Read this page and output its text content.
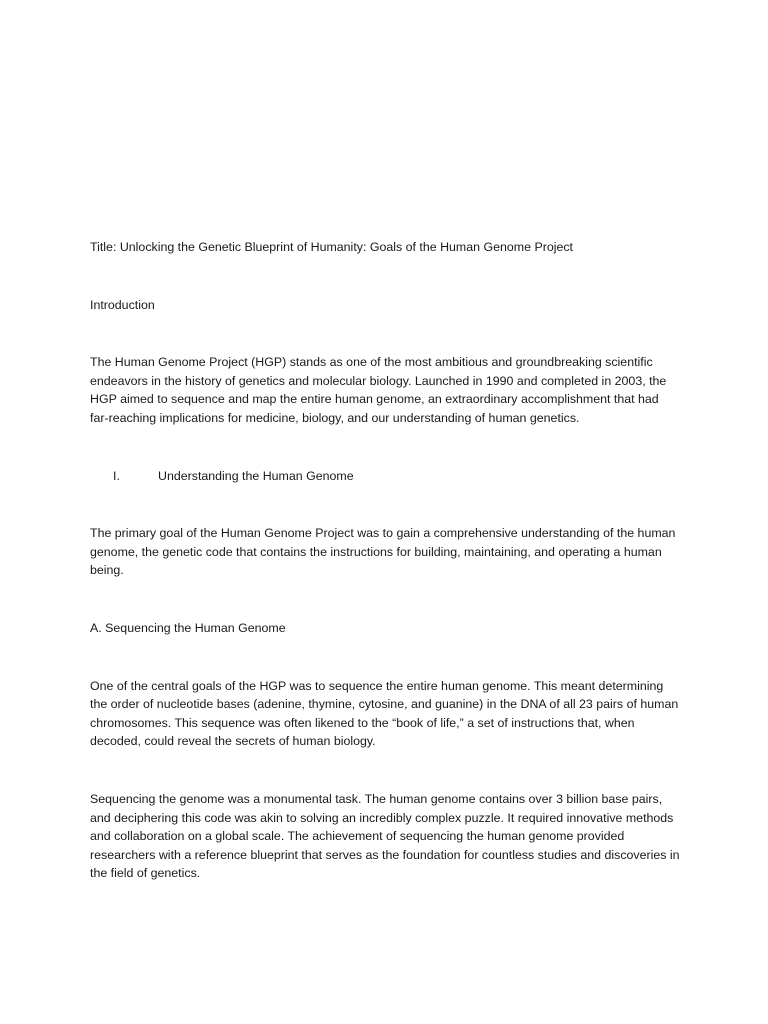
Title: Unlocking the Genetic Blueprint of Humanity: Goals of the Human Genome Project

Introduction

The Human Genome Project (HGP) stands as one of the most ambitious and groundbreaking scientific endeavors in the history of genetics and molecular biology. Launched in 1990 and completed in 2003, the HGP aimed to sequence and map the entire human genome, an extraordinary accomplishment that had far-reaching implications for medicine, biology, and our understanding of human genetics.

I.	Understanding the Human Genome

The primary goal of the Human Genome Project was to gain a comprehensive understanding of the human genome, the genetic code that contains the instructions for building, maintaining, and operating a human being.

A. Sequencing the Human Genome

One of the central goals of the HGP was to sequence the entire human genome. This meant determining the order of nucleotide bases (adenine, thymine, cytosine, and guanine) in the DNA of all 23 pairs of human chromosomes. This sequence was often likened to the “book of life,” a set of instructions that, when decoded, could reveal the secrets of human biology.

Sequencing the genome was a monumental task. The human genome contains over 3 billion base pairs, and deciphering this code was akin to solving an incredibly complex puzzle. It required innovative methods and collaboration on a global scale. The achievement of sequencing the human genome provided researchers with a reference blueprint that serves as the foundation for countless studies and discoveries in the field of genetics.
